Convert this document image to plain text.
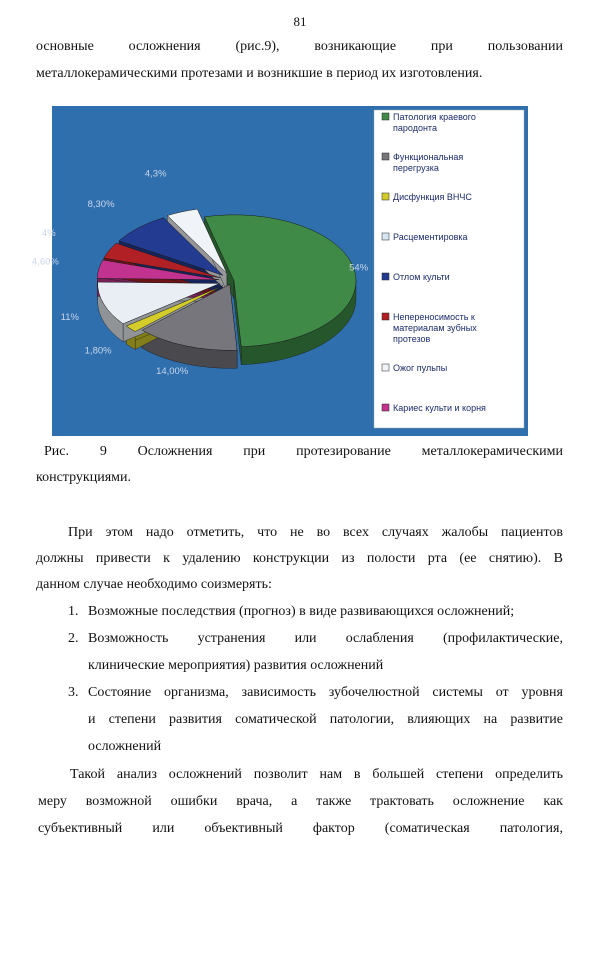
81
основные осложнения (рис.9), возникающие при пользовании
металлокерамическими протезами и возникшие в период их изготовления.
54%
14,00%
1,80%
11%
4,60%
4%
8,30%
4,3%
Патология краевого
пародонта
Функциональная
перегрузка
Дисфункция ВНЧС
Расцементировка
Отлом культи
Непереносимость к
материалам зубных
протезов
Ожог пульпы
Кариес культи и корня
Рис. 9 Осложнения при протезирование металлокерамическими
конструкциями.
При этом надо отметить, что не во всех случаях жалобы пациентов
должны привести к удалению конструкции из полости рта (ее снятию). В
данном случае необходимо соизмерять:
1. Возможные последствия (прогноз) в виде развивающихся осложнений;
2. Возможность устранения или ослабления (профилактические,
клинические мероприятия) развития осложнений
3. Состояние организма, зависимость зубочелюстной системы от уровня
и степени развития соматической патологии, влияющих на развитие
осложнений
Такой анализ осложнений позволит нам в большей степени определить
меру возможной ошибки врача, а также трактовать осложнение как
субъективный или объективный фактор (соматическая патология,
